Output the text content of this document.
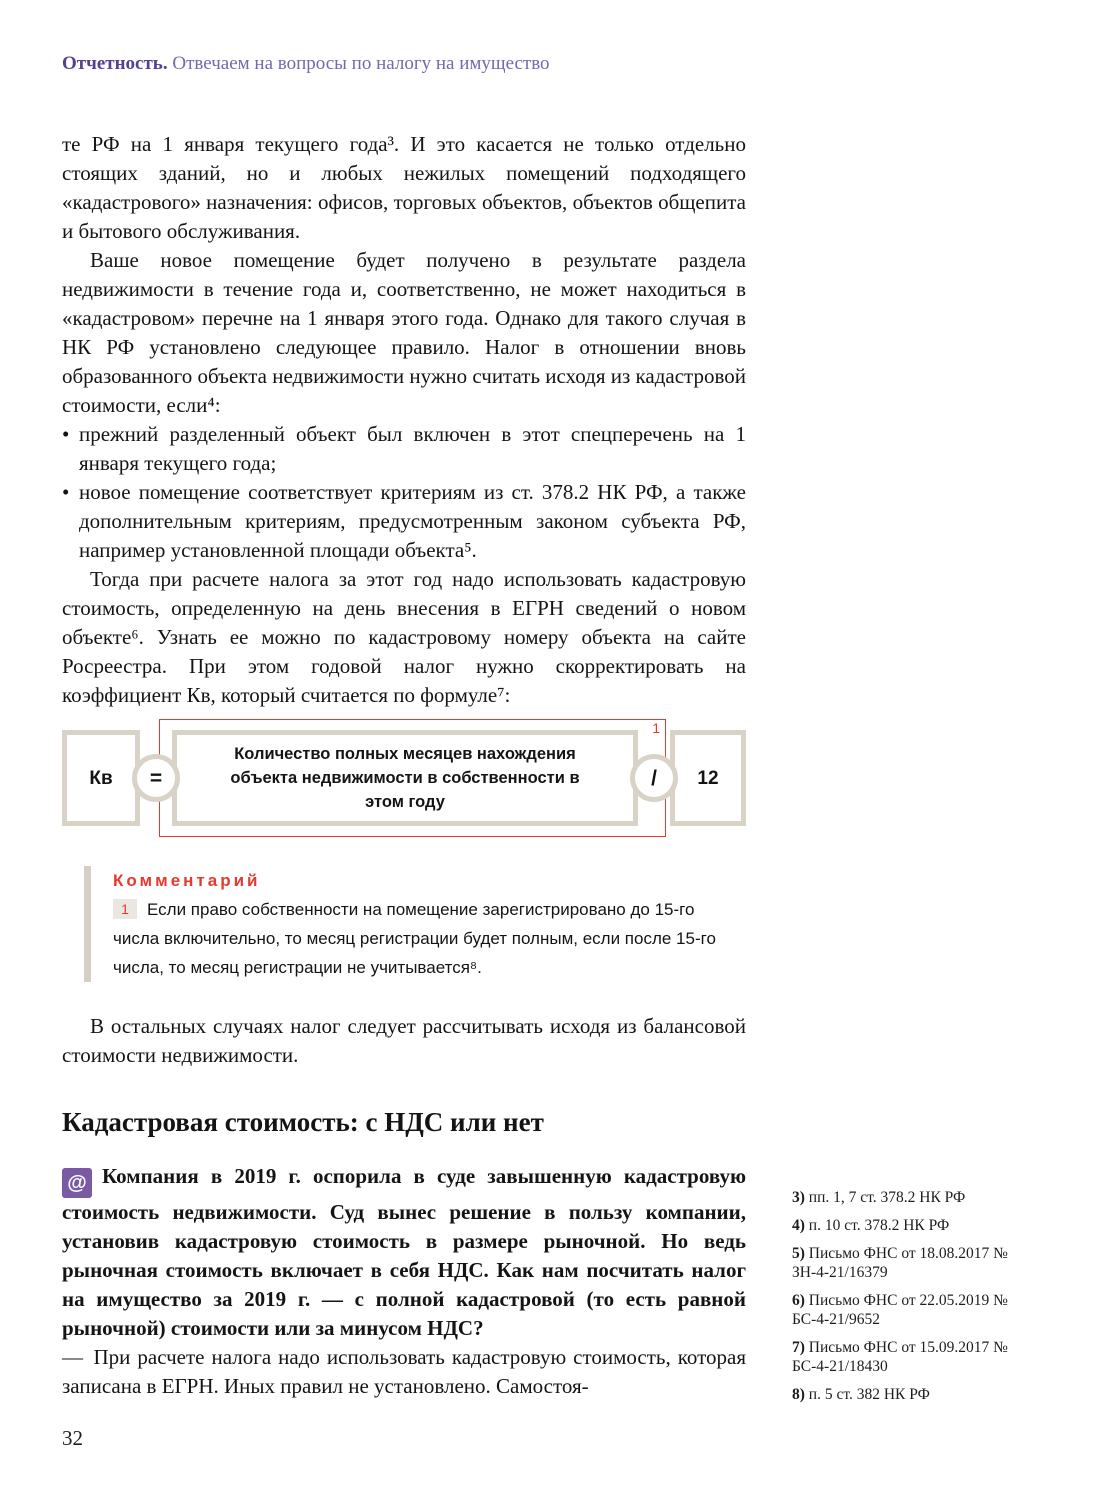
Отчетность. Отвечаем на вопросы по налогу на имущество

те РФ на 1 января текущего года³. И это касается не только отдельно стоящих зданий, но и любых нежилых помещений подходящего «кадастрового» назначения: офисов, торговых объектов, объектов общепита и бытового обслуживания.

Ваше новое помещение будет получено в результате раздела недвижимости в течение года и, соответственно, не может находиться в «кадастровом» перечне на 1 января этого года. Однако для такого случая в НК РФ установлено следующее правило. Налог в отношении вновь образованного объекта недвижимости нужно считать исходя из кадастровой стоимости, если⁴:

• прежний разделенный объект был включен в этот спецперечень на 1 января текущего года;
• новое помещение соответствует критериям из ст. 378.2 НК РФ, а также дополнительным критериям, предусмотренным законом субъекта РФ, например установленной площади объекта⁵.

Тогда при расчете налога за этот год надо использовать кадастровую стоимость, определенную на день внесения в ЕГРН сведений о новом объекте⁶. Узнать ее можно по кадастровому номеру объекта на сайте Росреестра. При этом годовой налог нужно скорректировать на коэффициент Кв, который считается по формуле⁷:

Кв	=
1
Количество полных месяцев нахождения объекта недвижимости в собственности в этом году
/	12

Комментарий

1 Если право собственности на помещение зарегистрировано до 15-го числа включительно, то месяц регистрации будет полным, если после 15-го числа, то месяц регистрации не учитывается⁸.

В остальных случаях налог следует рассчитывать исходя из балансовой стоимости недвижимости.

Кадастровая стоимость: с НДС или нет

@ Компания в 2019 г. оспорила в суде завышенную кадастровую стоимость недвижимости. Суд вынес решение в пользу компании, установив кадастровую стоимость в размере рыночной. Но ведь рыночная стоимость включает в себя НДС. Как нам посчитать налог на имущество за 2019 г. — с полной кадастровой (то есть равной рыночной) стоимости или за минусом НДС?

— При расчете налога надо использовать кадастровую стоимость, которая записана в ЕГРН. Иных правил не установлено. Самостоя-

3) пп. 1, 7 ст. 378.2 НК РФ

4) п. 10 ст. 378.2 НК РФ

5) Письмо ФНС от 18.08.2017 № ЗН-4-21/16379

6) Письмо ФНС от 22.05.2019 № БС-4-21/9652

7) Письмо ФНС от 15.09.2017 № БС-4-21/18430

8) п. 5 ст. 382 НК РФ

32
